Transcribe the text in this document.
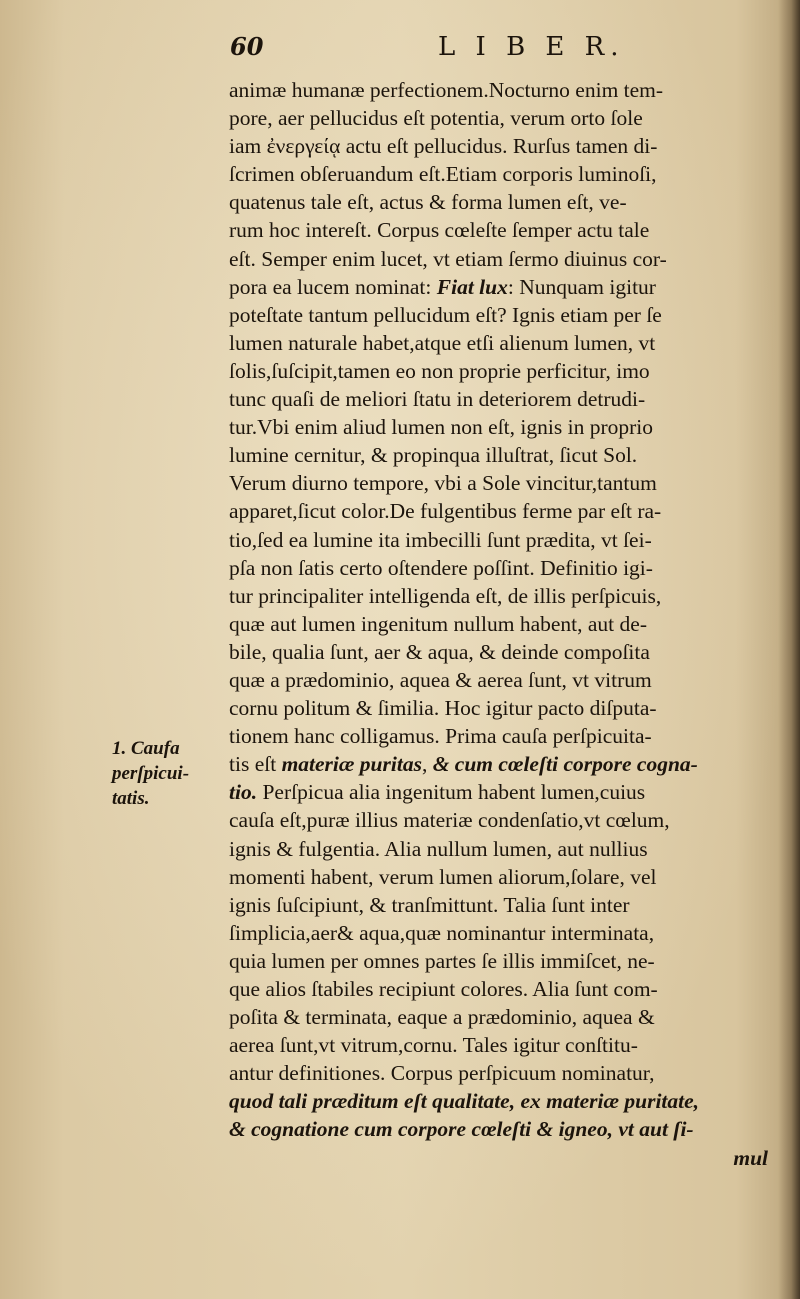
60	L I B E R.
1. Caufa
perſpicui-
tatis.
animæ humanæ perfectionem.Nocturno enim tem-
pore, aer pellucidus eſt potentia, verum orto ſole
iam ἐνεργείᾳ actu eſt pellucidus. Rurſus tamen di-
ſcrimen obſeruandum eſt.Etiam corporis luminoſi,
quatenus tale eſt, actus & forma lumen eſt, ve-
rum hoc intereſt. Corpus cœleſte ſemper actu tale
eſt. Semper enim lucet, vt etiam ſermo diuinus cor-
pora ea lucem nominat: Fiat lux: Nunquam igitur
poteſtate tantum pellucidum eſt? Ignis etiam per ſe
lumen naturale habet,atque etſi alienum lumen, vt
ſolis,ſuſcipit,tamen eo non proprie perficitur, imo
tunc quaſi de meliori ſtatu in deteriorem detrudi-
tur.Vbi enim aliud lumen non eſt, ignis in proprio
lumine cernitur, & propinqua illuſtrat, ſicut Sol.
Verum diurno tempore, vbi a Sole vincitur,tantum
apparet,ſicut color.De fulgentibus ferme par eſt ra-
tio,ſed ea lumine ita imbecilli ſunt prædita, vt ſei-
pſa non ſatis certo oſtendere poſſint. Definitio igi-
tur principaliter intelligenda eſt, de illis perſpicuis,
quæ aut lumen ingenitum nullum habent, aut de-
bile, qualia ſunt, aer & aqua, & deinde compoſita
quæ a prædominio, aquea & aerea ſunt, vt vitrum
cornu politum & ſimilia. Hoc igitur pacto diſputa-
tionem hanc colligamus. Prima cauſa perſpicuita-
tis eſt materiæ puritas, & cum cœleſti corpore cogna-
tio. Perſpicua alia ingenitum habent lumen,cuius
cauſa eſt,puræ illius materiæ condenſatio,vt cœlum,
ignis & fulgentia. Alia nullum lumen, aut nullius
momenti habent, verum lumen aliorum,ſolare, vel
ignis ſuſcipiunt, & tranſmittunt. Talia ſunt inter
ſimplicia,aer& aqua,quæ nominantur interminata,
quia lumen per omnes partes ſe illis immiſcet, ne-
que alios ſtabiles recipiunt colores. Alia ſunt com-
poſita & terminata, eaque a prædominio, aquea &
aerea ſunt,vt vitrum,cornu. Tales igitur conſtitu-
antur definitiones. Corpus perſpicuum nominatur,
quod tali præditum eſt qualitate, ex materiæ puritate,
& cognatione cum corpore cœleſti & igneo, vt aut ſi-
mul
